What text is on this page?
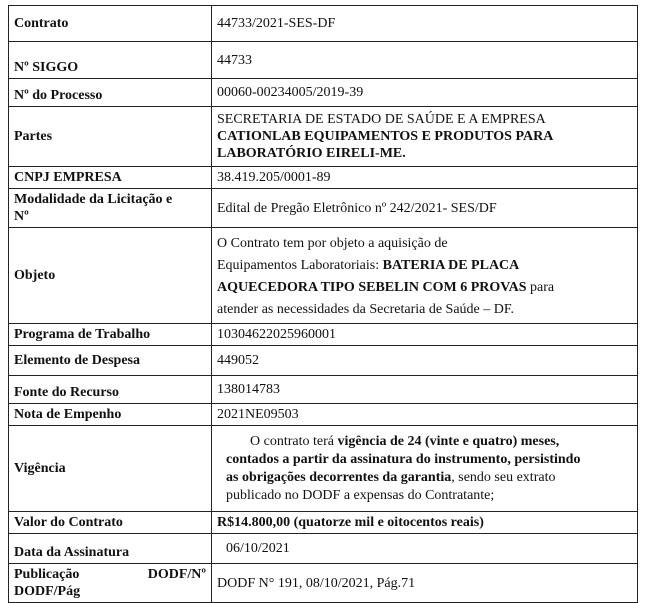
Contrato	44733/2021-SES-DF
Nº SIGGO	44733
Nº do Processo	00060-00234005/2019-39
Partes	SECRETARIA DE ESTADO DE SAÚDE E A EMPRESA
CATIONLAB EQUIPAMENTOS E PRODUTOS PARA
LABORATÓRIO EIRELI-ME.

CNPJ EMPRESA	38.419.205/0001-89

Modalidade da Licitação e
Nº	Edital de Pregão Eletrônico nº 242/2021- SES/DF
Objeto	O Contrato tem por objeto a aquisição de
Equipamentos Laboratoriais: BATERIA DE PLACA
AQUECEDORA TIPO SEBELIN COM 6 PROVAS para
atender as necessidades da Secretaria de Saúde – DF.

Programa de Trabalho	10304622025960001
Elemento de Despesa	449052
Fonte do Recurso	138014783
Nota de Empenho	2021NE09503
Vigência	O contrato terá vigência de 24 (vinte e quatro) meses,
contados a partir da assinatura do instrumento, persistindo
as obrigações decorrentes da garantia, sendo seu extrato
publicado no DODF a expensas do Contratante;

Valor do Contrato	R$14.800,00 (quatorze mil e oitocentos reais)
Data da Assinatura	06/10/2021

Publicação DODF/Nº
DODF/Pág	DODF N° 191, 08/10/2021, Pág.71
